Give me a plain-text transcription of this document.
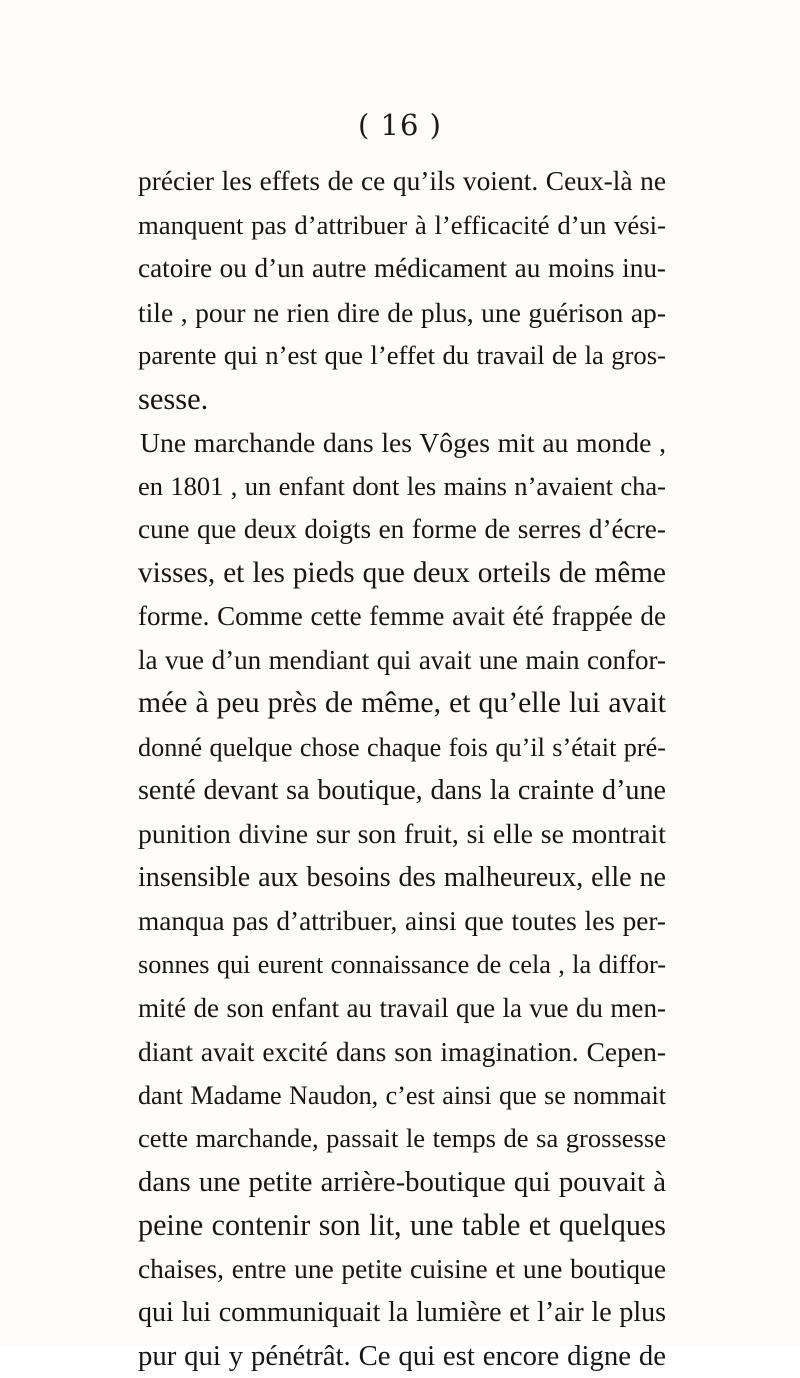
( 16 )
précier les effets de ce qu’ils voient. Ceux-là ne
manquent pas d’attribuer à l’efficacité d’un vési-
catoire ou d’un autre médicament au moins inu-
tile , pour ne rien dire de plus, une guérison ap-
parente qui n’est que l’effet du travail de la gros-
sesse.
Une marchande dans les Vôges mit au monde ,
en 1801 , un enfant dont les mains n’avaient cha-
cune que deux doigts en forme de serres d’écre-
visses, et les pieds que deux orteils de même
forme. Comme cette femme avait été frappée de
la vue d’un mendiant qui avait une main confor-
mée à peu près de même, et qu’elle lui avait
donné quelque chose chaque fois qu’il s’était pré-
senté devant sa boutique, dans la crainte d’une
punition divine sur son fruit, si elle se montrait
insensible aux besoins des malheureux, elle ne
manqua pas d’attribuer, ainsi que toutes les per-
sonnes qui eurent connaissance de cela , la diffor-
mité de son enfant au travail que la vue du men-
diant avait excité dans son imagination. Cepen-
dant Madame Naudon, c’est ainsi que se nommait
cette marchande, passait le temps de sa grossesse
dans une petite arrière-boutique qui pouvait à
peine contenir son lit, une table et quelques
chaises, entre une petite cuisine et une boutique
qui lui communiquait la lumière et l’air le plus
pur qui y pénétrât. Ce qui est encore digne de
